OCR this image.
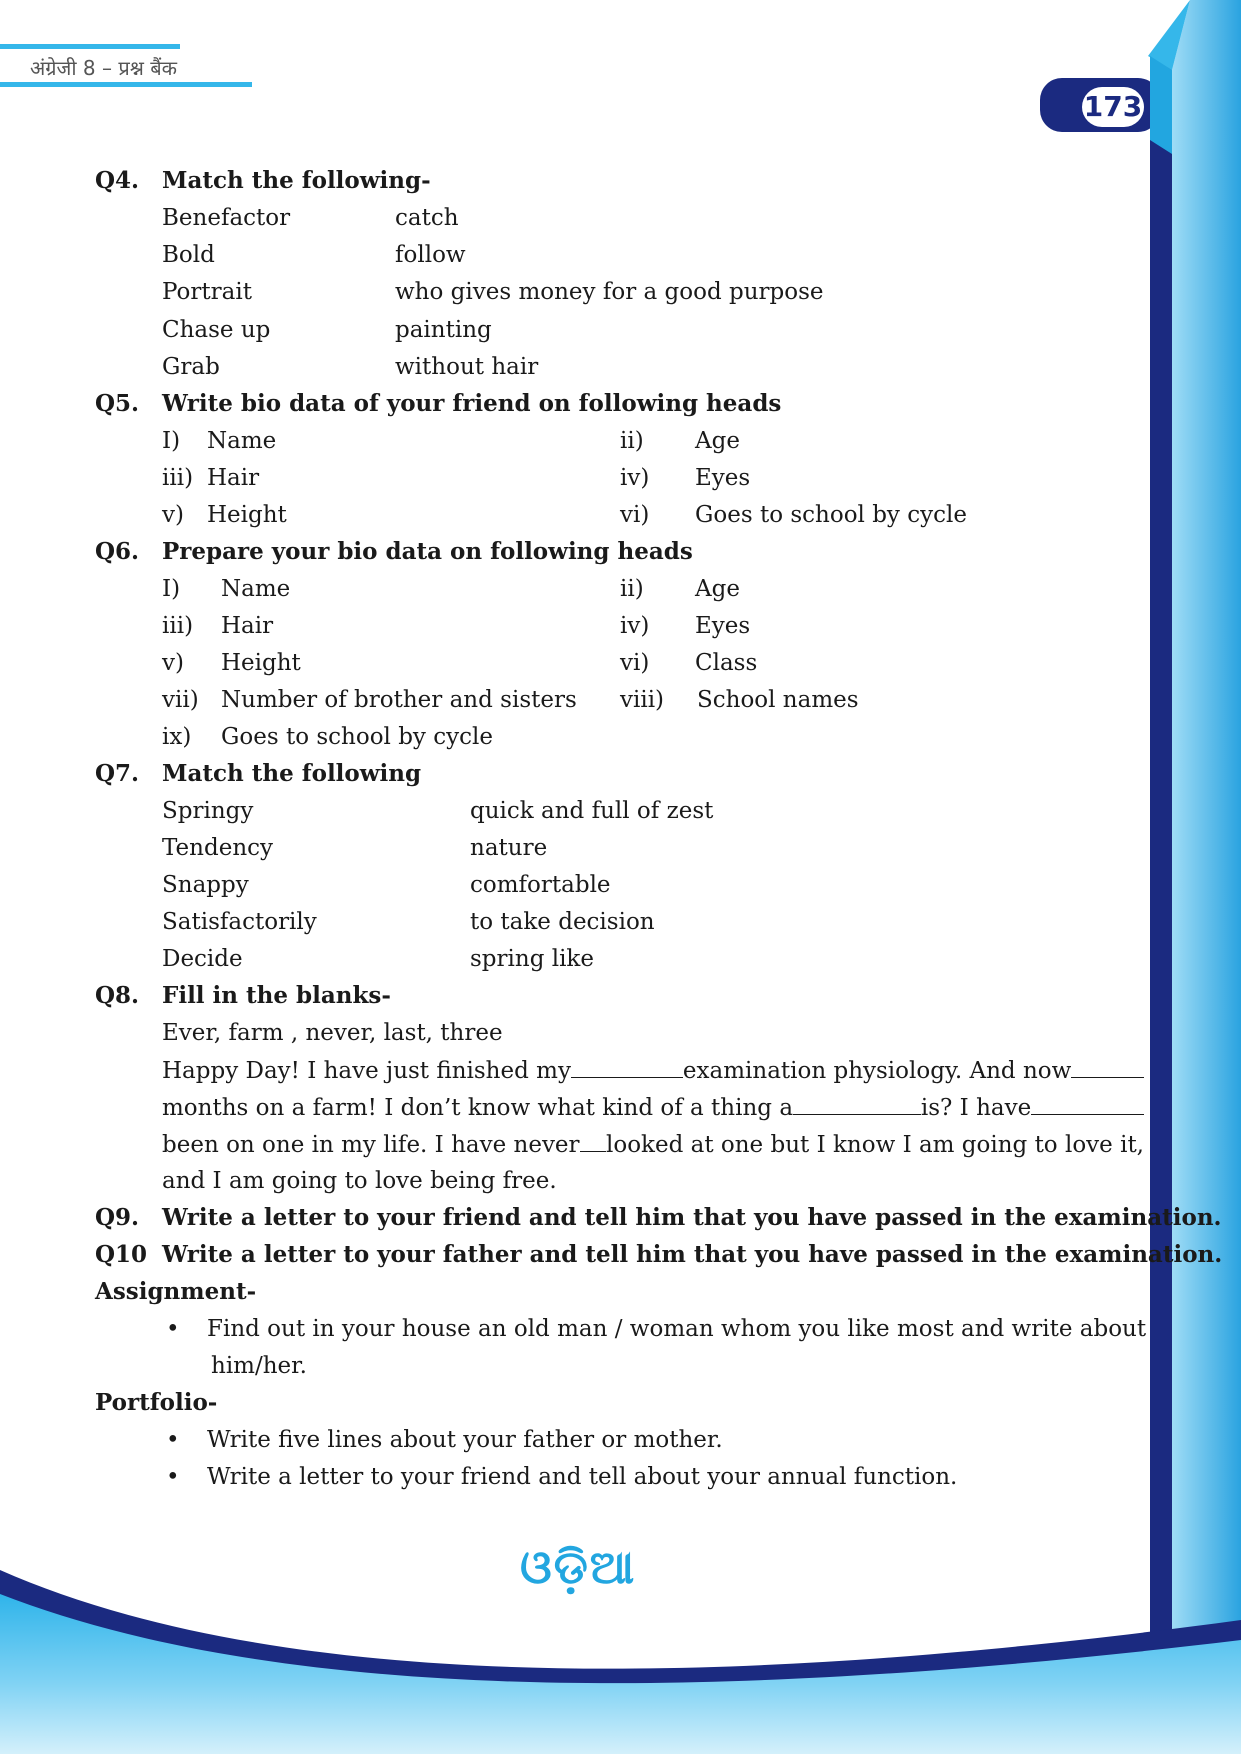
अंग्रेजी 8 – प्रश्न बैंक
173
Q4. Match the following-
Benefactor	catch
Bold	follow
Portrait	who gives money for a good purpose
Chase up	painting
Grab	without hair
Q5. Write bio data of your friend on following heads
I) Name	ii) Age
iii) Hair	iv) Eyes
v) Height	vi) Goes to school by cycle
Q6. Prepare your bio data on following heads
I) Name	ii) Age
iii) Hair	iv) Eyes
v) Height	vi) Class
vii) Number of brother and sisters viii) School names
ix) Goes to school by cycle
Q7. Match the following
Springy	quick and full of zest
Tendency	nature
Snappy	comfortable
Satisfactorily	to take decision
Decide	spring like
Q8. Fill in the blanks-
Ever, farm , never, last, three
Happy Day! I have just finished my	examination physiology. And now
months on a farm! I don’t know what kind of a thing a	is? I have
been on one in my life. I have never looked at one but I know I am going to love it,
and I am going to love being free.
Q9. Write a letter to your friend and tell him that you have passed in the examination.
Q10 Write a letter to your father and tell him that you have passed in the examination.
Assignment-
• Find out in your house an old man / woman whom you like most and write about
him/her.
Portfolio-
• Write five lines about your father or mother.
• Write a letter to your friend and tell about your annual function.
ଓଡ଼ିଆ
